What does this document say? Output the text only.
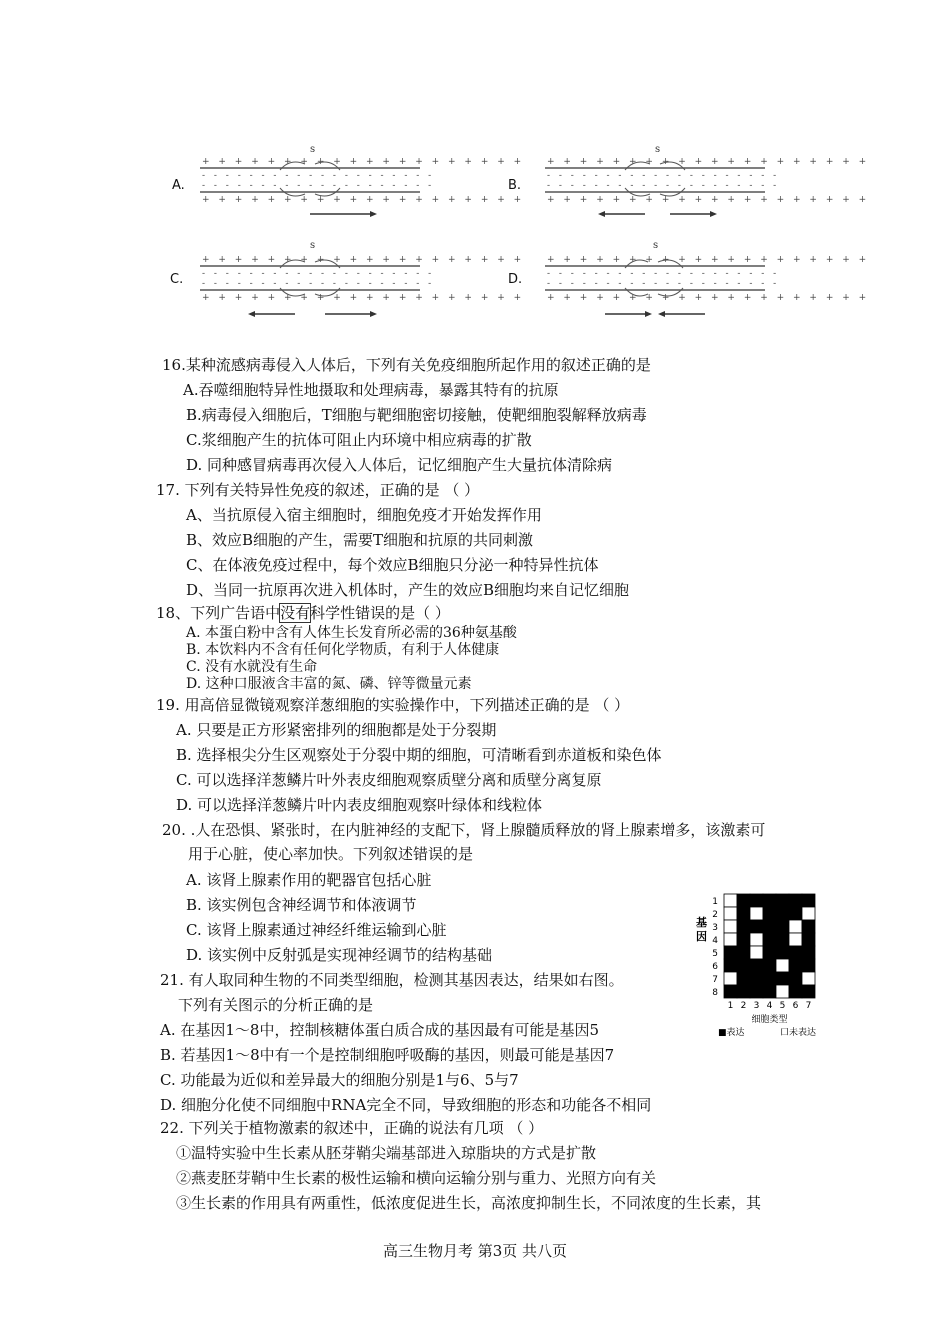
s
+ + + + + + + + + + + + + + + + + + + +
- - - - - - - - - - - - - - - - - - - -
- - - - - - - - - - - - - - - - - - - -
+ + + + + + + + + + + + + + + + + + + +
A.
s
+ + + + + + + + + + + + + + + + + + + +
- - - - - - - - - - - - - - - - - - - -
- - - - - - - - - - - - - - - - - - - -
+ + + + + + + + + + + + + + + + + + + +
B.
s
+ + + + + + + + + + + + + + + + + + + +
- - - - - - - - - - - - - - - - - - - -
- - - - - - - - - - - - - - - - - - - -
+ + + + + + + + + + + + + + + + + + + +
C.
s
+ + + + + + + + + + + + + + + + + + + +
- - - - - - - - - - - - - - - - - - - -
- - - - - - - - - - - - - - - - - - - -
+ + + + + + + + + + + + + + + + + + + +
D.
16.某种流感病毒侵入人体后，下列有关免疫细胞所起作用的叙述正确的是
A.吞噬细胞特异性地摄取和处理病毒，暴露其特有的抗原
B.病毒侵入细胞后，T细胞与靶细胞密切接触，使靶细胞裂解释放病毒
C.浆细胞产生的抗体可阻止内环境中相应病毒的扩散
D. 同种感冒病毒再次侵入人体后，记忆细胞产生大量抗体清除病
17. 下列有关特异性免疫的叙述，正确的是 （ ）
A、当抗原侵入宿主细胞时，细胞免疫才开始发挥作用
B、效应B细胞的产生，需要T细胞和抗原的共同刺激
C、在体液免疫过程中，每个效应B细胞只分泌一种特异性抗体
D、当同一抗原再次进入机体时，产生的效应B细胞均来自记忆细胞
18、下列广告语中没有科学性错误的是（ ）
A. 本蛋白粉中含有人体生长发育所必需的36种氨基酸
B. 本饮料内不含有任何化学物质，有利于人体健康
C. 没有水就没有生命
D. 这种口服液含丰富的氮、磷、锌等微量元素
19. 用高倍显微镜观察洋葱细胞的实验操作中，下列描述正确的是 （ ）
A. 只要是正方形紧密排列的细胞都是处于分裂期
B. 选择根尖分生区观察处于分裂中期的细胞，可清晰看到赤道板和染色体
C. 可以选择洋葱鳞片叶外表皮细胞观察质壁分离和质壁分离复原
D. 可以选择洋葱鳞片叶内表皮细胞观察叶绿体和线粒体
20. .人在恐惧、紧张时，在内脏神经的支配下，肾上腺髓质释放的肾上腺素增多，该激素可
用于心脏，使心率加快。下列叙述错误的是
A. 该肾上腺素作用的靶器官包括心脏
B. 该实例包含神经调节和体液调节
C. 该肾上腺素通过神经纤维运输到心脏
D. 该实例中反射弧是实现神经调节的结构基础
21. 有人取同种生物的不同类型细胞，检测其基因表达，结果如右图。
下列有关图示的分析正确的是
A. 在基因1～8中，控制核糖体蛋白质合成的基因最有可能是基因5
B. 若基因1～8中有一个是控制细胞呼吸酶的基因，则最可能是基因7
C. 功能最为近似和差异最大的细胞分别是1与6、5与7
D. 细胞分化使不同细胞中RNA完全不同，导致细胞的形态和功能各不相同
22. 下列关于植物激素的叙述中，正确的说法有几项 （ ）
①温特实验中生长素从胚芽鞘尖端基部进入琼脂块的方式是扩散
②燕麦胚芽鞘中生长素的极性运输和横向运输分别与重力、光照方向有关
③生长素的作用具有两重性，低浓度促进生长，高浓度抑制生长，不同浓度的生长素，其
1
2
3
4
5
6
7
8
1 2 3 4 5 6 7
基
因
细胞类型
■表达	口未表达
高三生物月考 第3页 共八页
